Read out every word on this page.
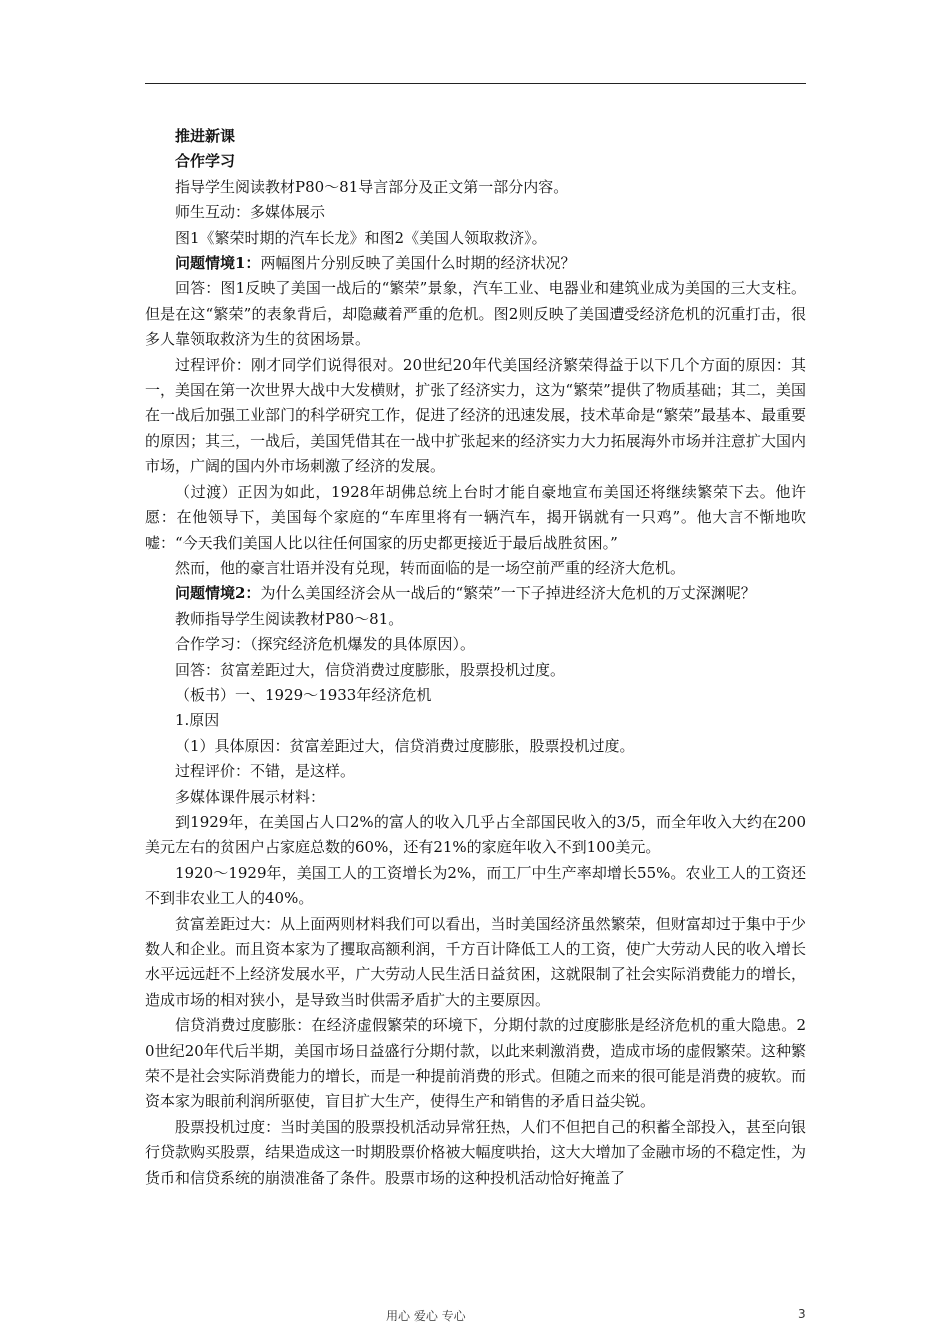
推进新课

合作学习

指导学生阅读教材P80～81导言部分及正文第一部分内容。

师生互动：多媒体展示

图1《繁荣时期的汽车长龙》和图2《美国人领取救济》。

问题情境1：两幅图片分别反映了美国什么时期的经济状况？

回答：图1反映了美国一战后的“繁荣”景象，汽车工业、电器业和建筑业成为美国的三大支柱。但是在这“繁荣”的表象背后，却隐藏着严重的危机。图2则反映了美国遭受经济危机的沉重打击，很多人靠领取救济为生的贫困场景。

过程评价：刚才同学们说得很对。20世纪20年代美国经济繁荣得益于以下几个方面的原因：其一，美国在第一次世界大战中大发横财，扩张了经济实力，这为“繁荣”提供了物质基础；其二，美国在一战后加强工业部门的科学研究工作，促进了经济的迅速发展，技术革命是“繁荣”最基本、最重要的原因；其三，一战后，美国凭借其在一战中扩张起来的经济实力大力拓展海外市场并注意扩大国内市场，广阔的国内外市场刺激了经济的发展。

（过渡）正因为如此，1928年胡佛总统上台时才能自豪地宣布美国还将继续繁荣下去。他许愿：在他领导下，美国每个家庭的“车库里将有一辆汽车，揭开锅就有一只鸡”。他大言不惭地吹嘘：“今天我们美国人比以往任何国家的历史都更接近于最后战胜贫困。”

然而，他的豪言壮语并没有兑现，转而面临的是一场空前严重的经济大危机。

问题情境2：为什么美国经济会从一战后的“繁荣”一下子掉进经济大危机的万丈深渊呢？

教师指导学生阅读教材P80～81。

合作学习：（探究经济危机爆发的具体原因）。

回答：贫富差距过大，信贷消费过度膨胀，股票投机过度。

（板书）一、1929～1933年经济危机

1.原因

（1）具体原因：贫富差距过大，信贷消费过度膨胀，股票投机过度。

过程评价：不错，是这样。

多媒体课件展示材料：

到1929年，在美国占人口2%的富人的收入几乎占全部国民收入的3/5，而全年收入大约在200美元左右的贫困户占家庭总数的60%，还有21%的家庭年收入不到100美元。

1920～1929年，美国工人的工资增长为2%，而工厂中生产率却增长55%。农业工人的工资还不到非农业工人的40%。

贫富差距过大：从上面两则材料我们可以看出，当时美国经济虽然繁荣，但财富却过于集中于少数人和企业。而且资本家为了攫取高额利润，千方百计降低工人的工资，使广大劳动人民的收入增长水平远远赶不上经济发展水平，广大劳动人民生活日益贫困，这就限制了社会实际消费能力的增长，造成市场的相对狭小，是导致当时供需矛盾扩大的主要原因。

信贷消费过度膨胀：在经济虚假繁荣的环境下，分期付款的过度膨胀是经济危机的重大隐患。20世纪20年代后半期，美国市场日益盛行分期付款，以此来刺激消费，造成市场的虚假繁荣。这种繁荣不是社会实际消费能力的增长，而是一种提前消费的形式。但随之而来的很可能是消费的疲软。而资本家为眼前利润所驱使，盲目扩大生产，使得生产和销售的矛盾日益尖锐。

股票投机过度：当时美国的股票投机活动异常狂热，人们不但把自己的积蓄全部投入，甚至向银行贷款购买股票，结果造成这一时期股票价格被大幅度哄抬，这大大增加了金融市场的不稳定性，为货币和信贷系统的崩溃准备了条件。股票市场的这种投机活动恰好掩盖了

用心 爱心 专心	3
